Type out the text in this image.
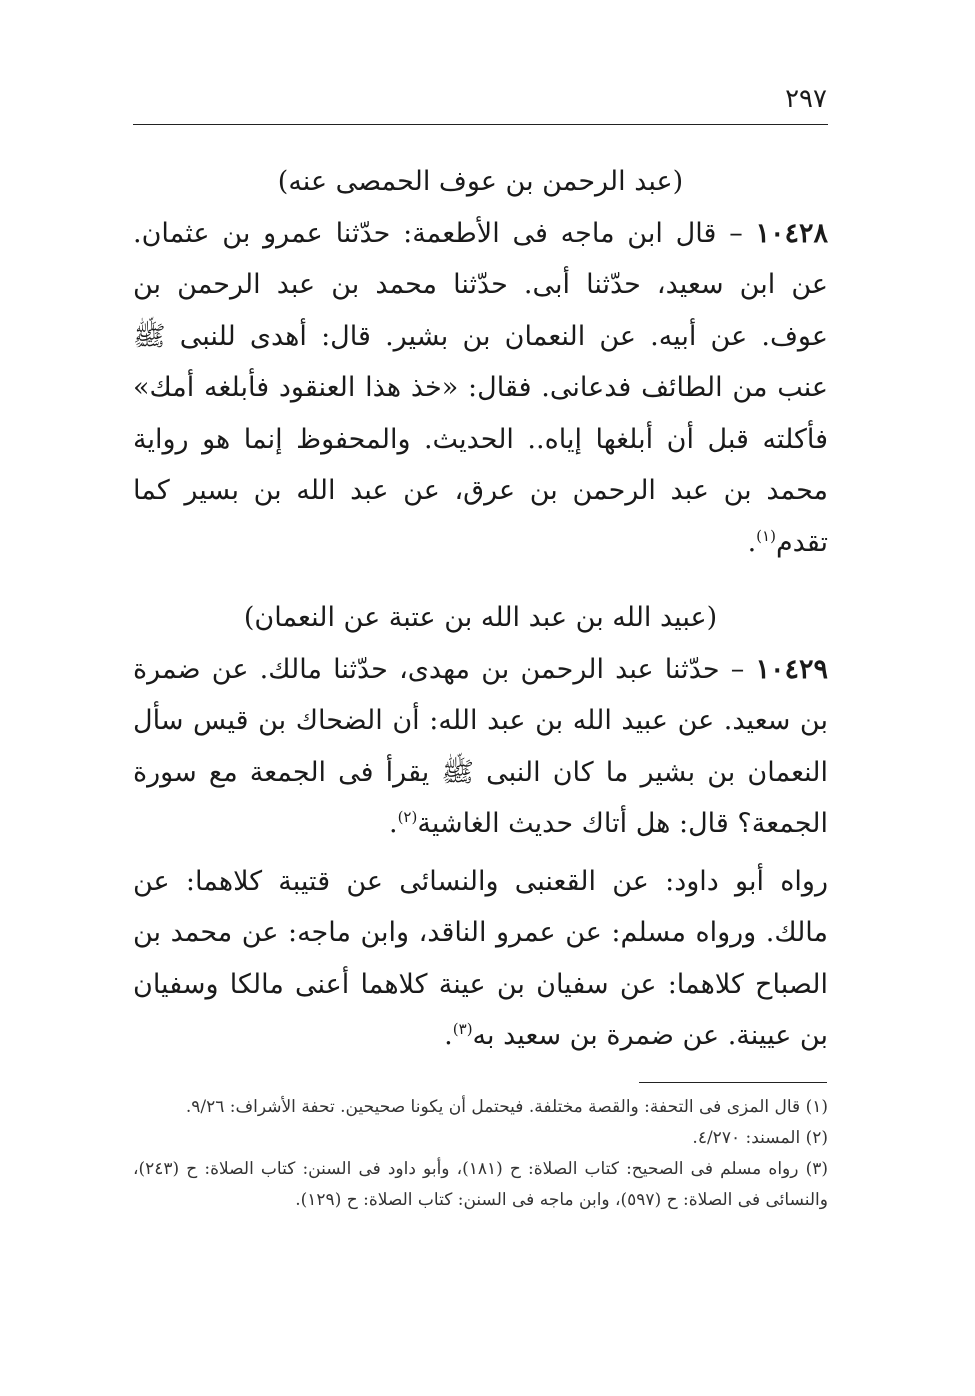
٢٩٧

(عبد الرحمن بن عوف الحمصى عنه)

١٠٤٢٨ – قال ابن ماجه فى الأطعمة: حدّثنا عمرو بن عثمان. عن ابن سعيد، حدّثنا أبى. حدّثنا محمد بن عبد الرحمن بن عوف. عن أبيه. عن النعمان بن بشير. قال: أهدى للنبى ﷺ عنب من الطائف فدعانى. فقال: «خذ هذا العنقود فأبلغه أمك» فأكلته قبل أن أبلغها إياه.. الحديث. والمحفوظ إنما هو رواية محمد بن عبد الرحمن بن عرق، عن عبد الله بن بسير كما تقدم$^{(١)}$.

(عبيد الله بن عبد الله بن عتبة عن النعمان)

١٠٤٢٩ – حدّثنا عبد الرحمن بن مهدى، حدّثنا مالك. عن ضمرة بن سعيد. عن عبيد الله بن عبد الله: أن الضحاك بن قيس سأل النعمان بن بشير ما كان النبى ﷺ يقرأ فى الجمعة مع سورة الجمعة؟ قال: هل أتاك حديث الغاشية$^{(٢)}$.

رواه أبو داود: عن القعنبى والنسائى عن قتيبة كلاهما: عن مالك. ورواه مسلم: عن عمرو الناقد، وابن ماجه: عن محمد بن الصباح كلاهما: عن سفيان بن عينة كلاهما أعنى مالكا وسفيان بن عيينة. عن ضمرة بن سعيد به$^{(٣)}$.

(١) قال المزى فى التحفة: والقصة مختلفة. فيحتمل أن يكونا صحيحين. تحفة الأشراف: ٩/٢٦.

(٢) المسند: ٤/٢٧٠.

(٣) رواه مسلم فى الصحيح: كتاب الصلاة: ح (١٨١)، وأبو داود فى السنن: كتاب الصلاة: ح (٢٤٣)، والنسائى فى الصلاة: ح (٥٩٧)، وابن ماجه فى السنن: كتاب الصلاة: ح (١٢٩).
